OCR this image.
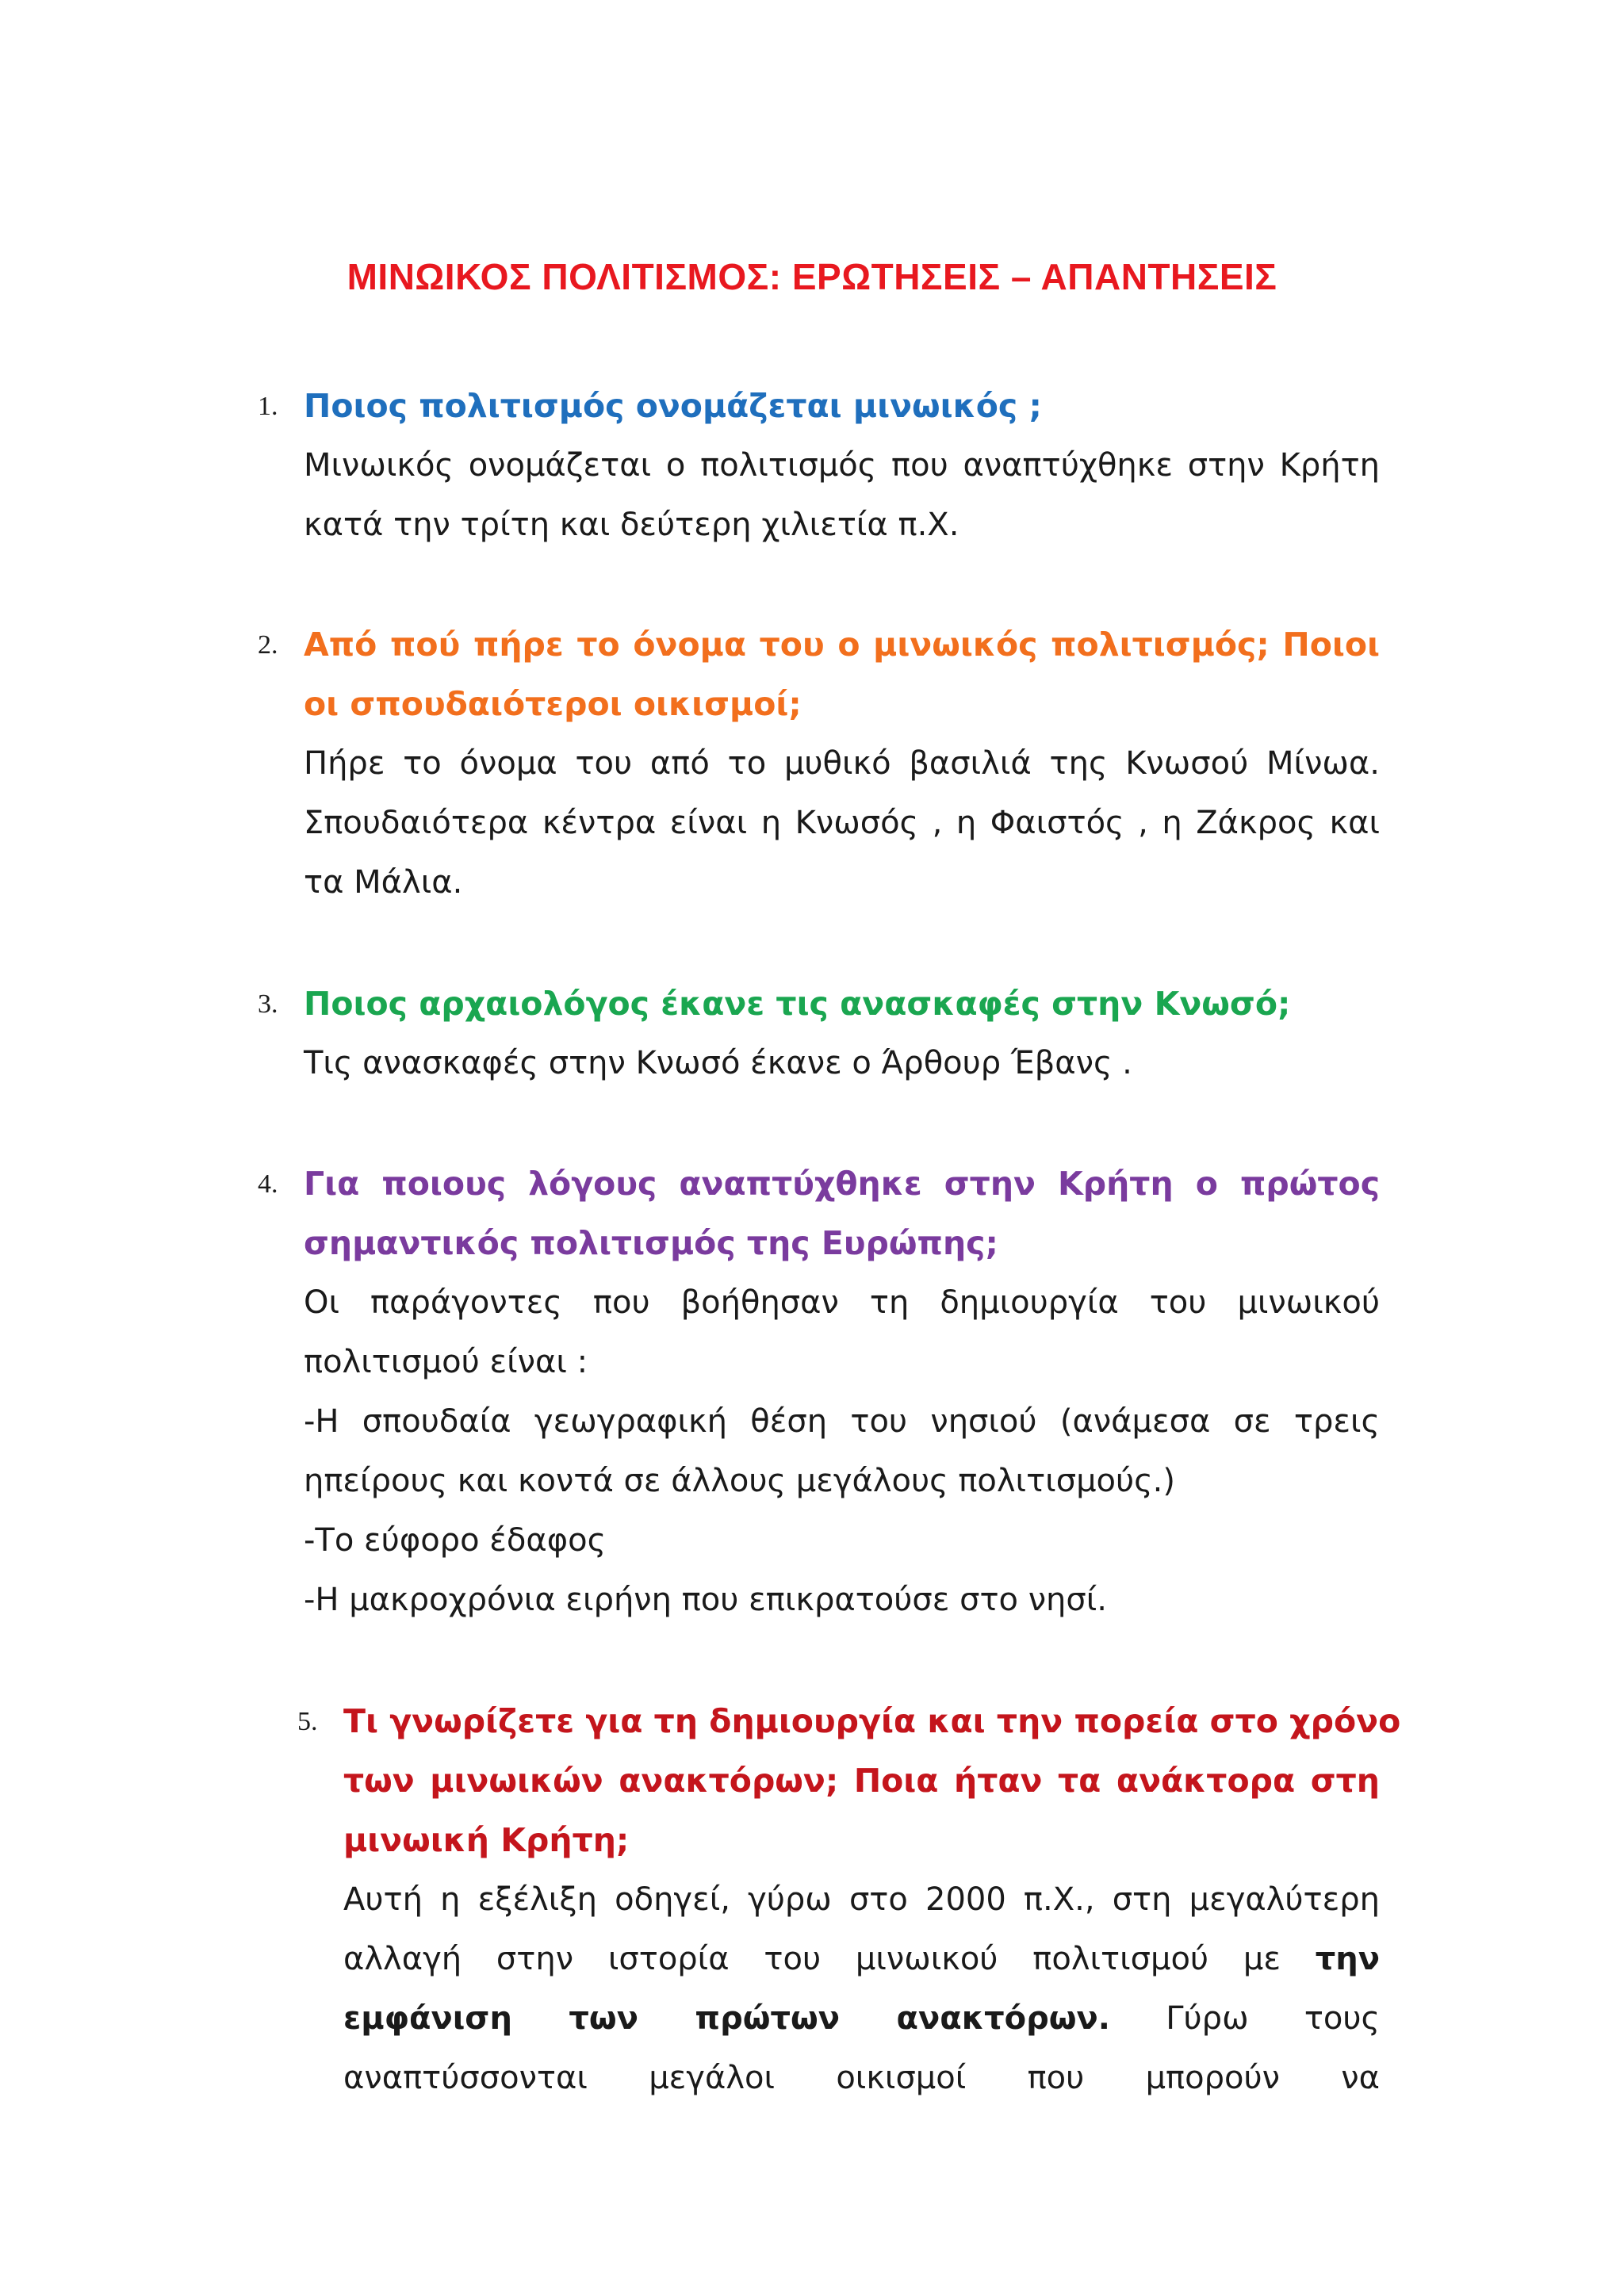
ΜΙΝΩΙΚΟΣ ΠΟΛΙΤΙΣΜΟΣ: ΕΡΩΤΗΣΕΙΣ – ΑΠΑΝΤΗΣΕΙΣ
1. Ποιος πολιτισμός ονομάζεται μινωικός ;
Μινωικός ονομάζεται ο πολιτισμός που αναπτύχθηκε στην Κρήτη
κατά την τρίτη και δεύτερη χιλιετία π.Χ.
2. Από πού πήρε το όνομα του ο μινωικός πολιτισμός; Ποιοι
οι σπουδαιότεροι οικισμοί;
Πήρε το όνομα του από το μυθικό βασιλιά της Κνωσού Μίνωα.
Σπουδαιότερα κέντρα είναι η Κνωσός , η Φαιστός , η Ζάκρος και
τα Μάλια.
3. Ποιος αρχαιολόγος έκανε τις ανασκαφές στην Κνωσό;
Τις ανασκαφές στην Κνωσό έκανε ο Άρθουρ Έβανς .
4. Για ποιους λόγους αναπτύχθηκε στην Κρήτη ο πρώτος
σημαντικός πολιτισμός της Ευρώπης;
Οι παράγοντες που βοήθησαν τη δημιουργία του μινωικού
πολιτισμού είναι :
-Η σπουδαία γεωγραφική θέση του νησιού (ανάμεσα σε τρεις
ηπείρους και κοντά σε άλλους μεγάλους πολιτισμούς.)
-Το εύφορο έδαφος
-Η μακροχρόνια ειρήνη που επικρατούσε στο νησί.
5. Τι γνωρίζετε για τη δημιουργία και την πορεία στο χρόνο
των μινωικών ανακτόρων; Ποια ήταν τα ανάκτορα στη
μινωική Κρήτη;
Αυτή η εξέλιξη οδηγεί, γύρω στο 2000 π.Χ., στη μεγαλύτερη
αλλαγή στην ιστορία του μινωικού πολιτισμού με την
εμφάνιση των πρώτων ανακτόρων. Γύρω τους
αναπτύσσονται μεγάλοι οικισμοί που μπορούν να
